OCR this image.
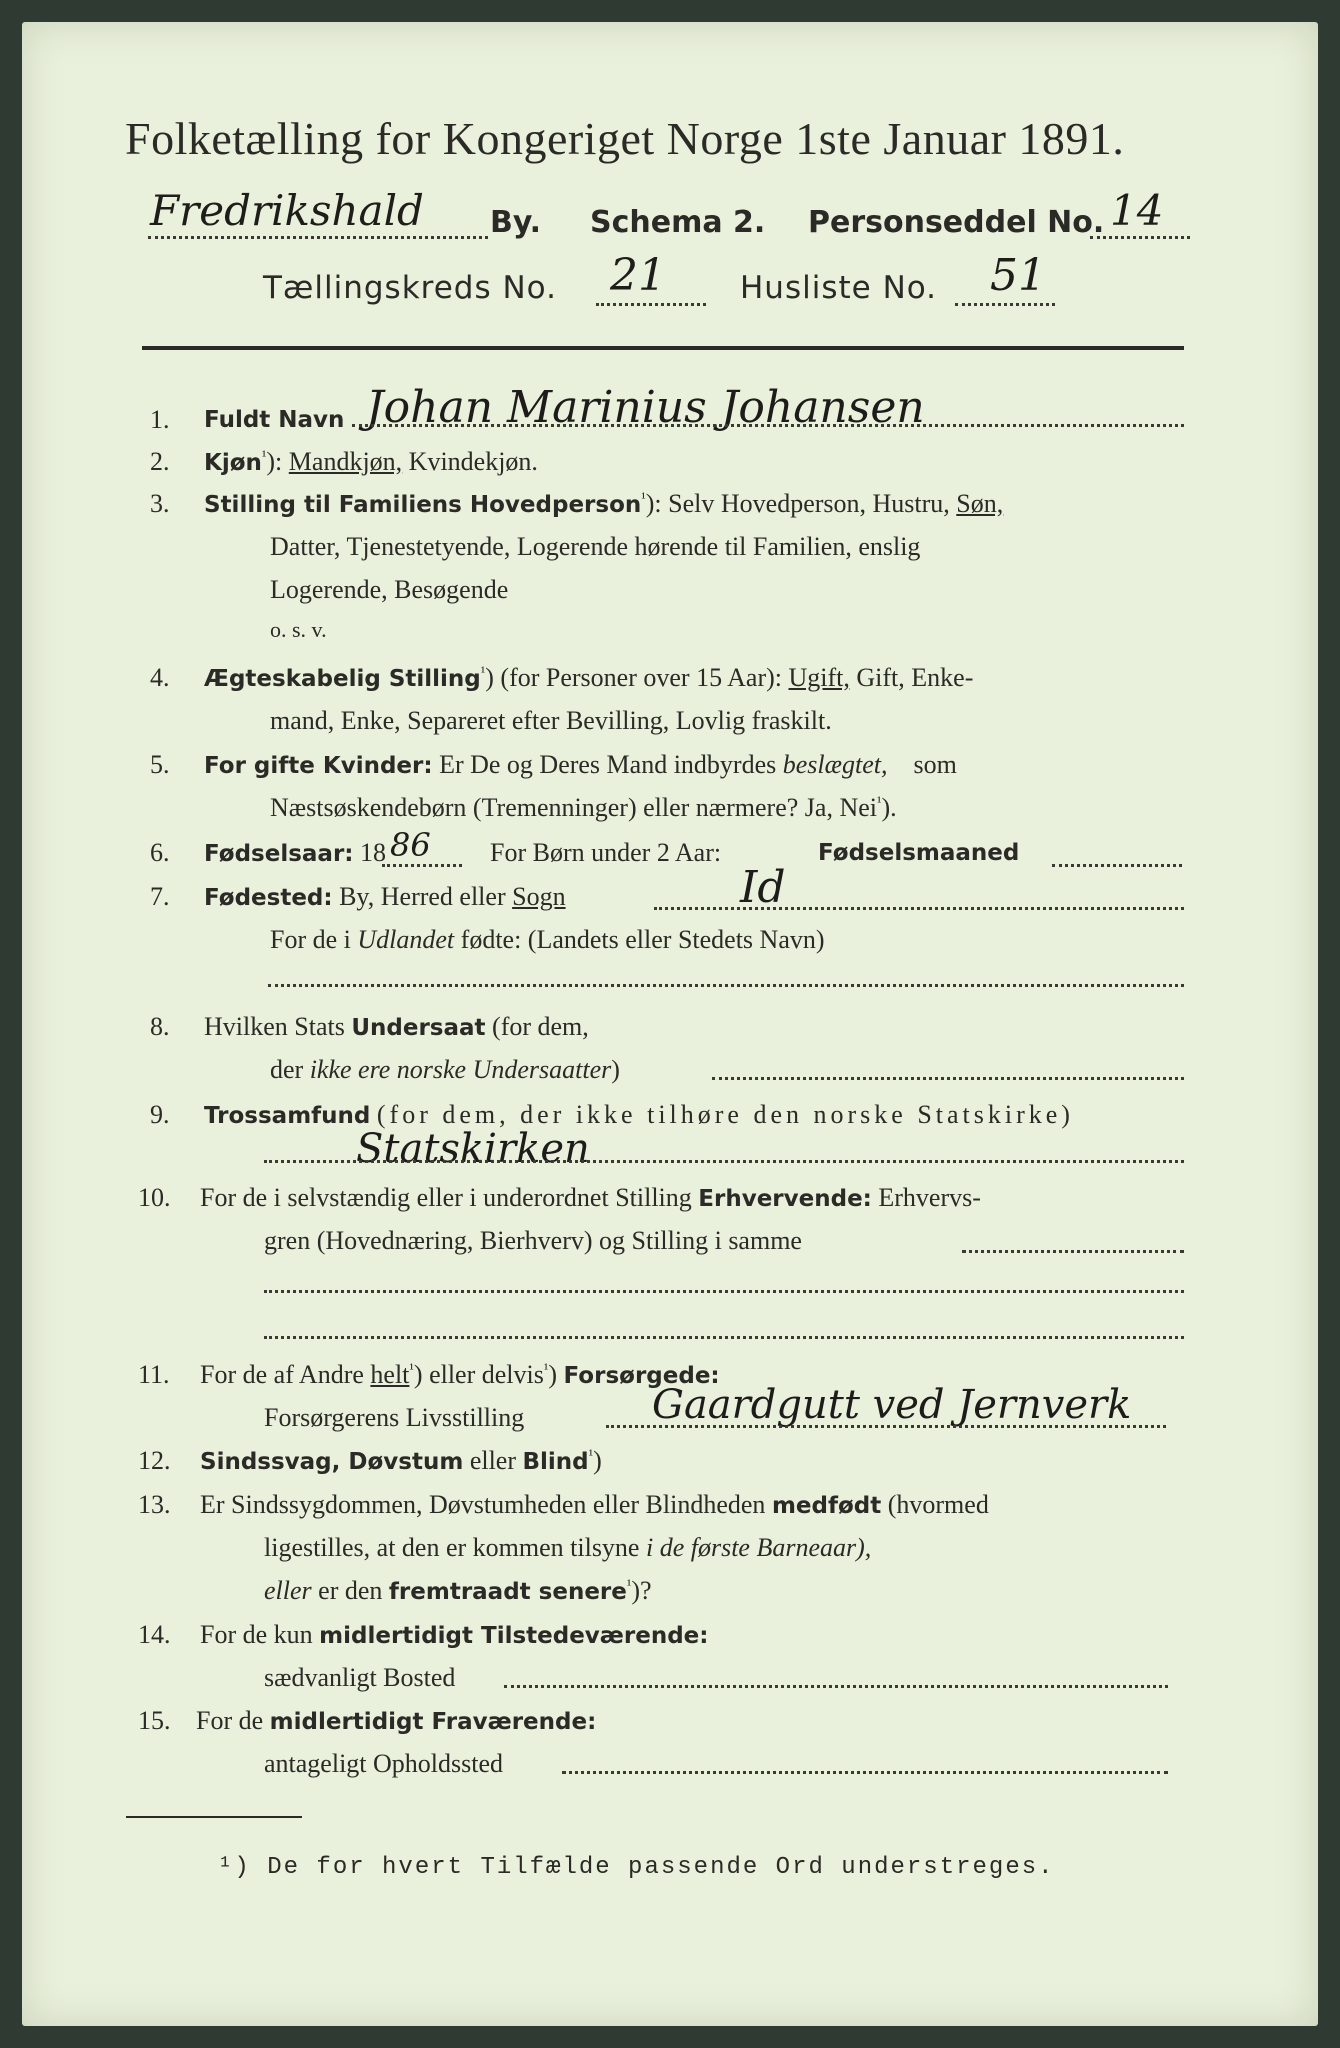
Folketælling for Kongeriget Norge 1ste Januar 1891.
Fredrikshald By. Schema 2. Personseddel No. 14
Tællingskreds No. 21 Husliste No. 51
1. Fuldt Navn Johan Marinius Johansen
2. Kjøn$^{^1}$): Mandkjøn, Kvindekjøn.
3. Stilling til Familiens Hovedperson$^{^1}$): Selv Hovedperson, Hustru, Søn,
Datter, Tjenestetyende, Logerende hørende til Familien, enslig
Logerende, Besøgende
o. s. v.
4. Ægteskabelig Stilling$^{^1}$) (for Personer over 15 Aar): Ugift, Gift, Enke-
mand, Enke, Separeret efter Bevilling, Lovlig fraskilt.
5. For gifte Kvinder: Er De og Deres Mand indbyrdes beslægtet, som
Næstsøskendebørn (Tremenninger) eller nærmere? Ja, Nei$^{^1}$).
6. Fødselsaar: 18 86 For Børn under 2 Aar:	Fødselsmaaned
7. Fødested: By, Herred eller Sogn	Id
For de i Udlandet fødte: (Landets eller Stedets Navn)
8. Hvilken Stats Undersaat (for dem,
der ikke ere norske Undersaatter)
9. Trossamfund (for dem, der ikke tilhøre den norske Statskirke)
Statskirken
10. For de i selvstændig eller i underordnet Stilling Erhvervende: Erhvervs-
gren (Hovednæring, Bierhverv) og Stilling i samme
11. For de af Andre helt$^{^1}$) eller delvis$^{^1}$) Forsørgede:
Forsørgerens Livsstilling	Gaardgutt ved Jernverk
12. Sindssvag, Døvstum eller Blind$^{^1}$)
13. Er Sindssygdommen, Døvstumheden eller Blindheden medfødt (hvormed
ligestilles, at den er kommen tilsyne i de første Barneaar),
eller er den fremtraadt senere$^{^1}$)?
14. For de kun midlertidigt Tilstedeværende:
sædvanligt Bosted
15. For de midlertidigt Fraværende:
antageligt Opholdssted
¹) De for hvert Tilfælde passende Ord understreges.
